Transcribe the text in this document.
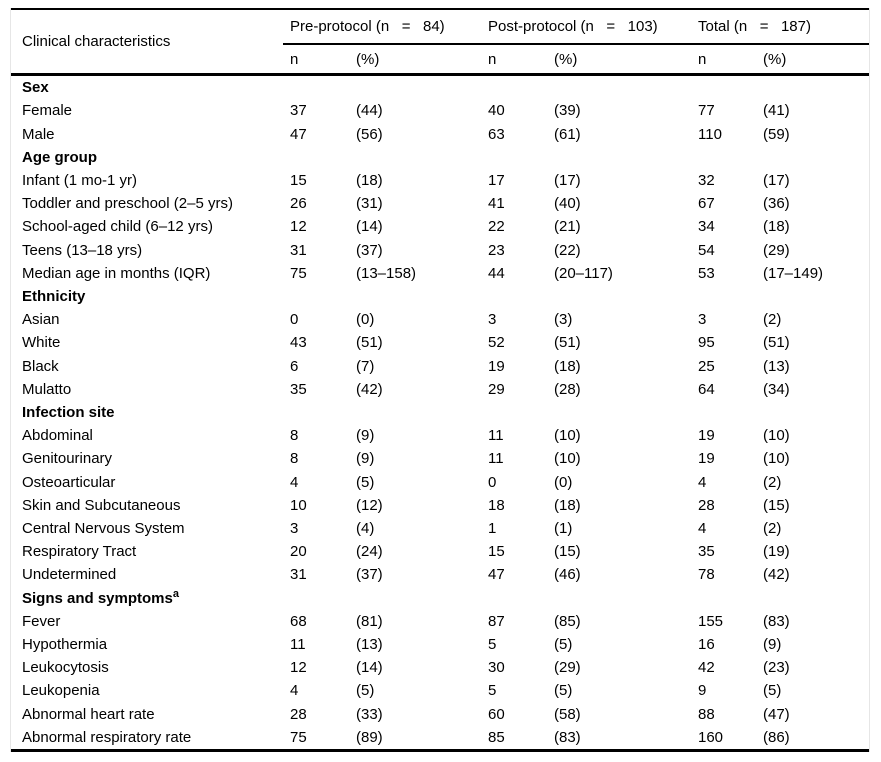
Clinical characteristics
Pre-protocol (n   =   84)	Post-protocol (n   =   103)	Total (n   =   187)
n	(%)	n	(%)	n	(%)
Sex
Female	37	(44)	40	(39)	77	(41)
Male	47	(56)	63	(61)	110	(59)
Age group
Infant (1 mo-1 yr)	15	(18)	17	(17)	32	(17)
Toddler and preschool (2–5 yrs)	26	(31)	41	(40)	67	(36)
School-aged child (6–12 yrs)	12	(14)	22	(21)	34	(18)
Teens (13–18 yrs)	31	(37)	23	(22)	54	(29)
Median age in months (IQR)	75	(13–158)	44	(20–117)	53	(17–149)
Ethnicity
Asian	0	(0)	3	(3)	3	(2)
White	43	(51)	52	(51)	95	(51)
Black	6	(7)	19	(18)	25	(13)
Mulatto	35	(42)	29	(28)	64	(34)
Infection site
Abdominal	8	(9)	11	(10)	19	(10)
Genitourinary	8	(9)	11	(10)	19	(10)
Osteoarticular	4	(5)	0	(0)	4	(2)
Skin and Subcutaneous	10	(12)	18	(18)	28	(15)
Central Nervous System	3	(4)	1	(1)	4	(2)
Respiratory Tract	20	(24)	15	(15)	35	(19)
Undetermined	31	(37)	47	(46)	78	(42)
Signs and symptoms$^a$
Fever	68	(81)	87	(85)	155	(83)
Hypothermia	11	(13)	5	(5)	16	(9)
Leukocytosis	12	(14)	30	(29)	42	(23)
Leukopenia	4	(5)	5	(5)	9	(5)
Abnormal heart rate	28	(33)	60	(58)	88	(47)
Abnormal respiratory rate	75	(89)	85	(83)	160	(86)
